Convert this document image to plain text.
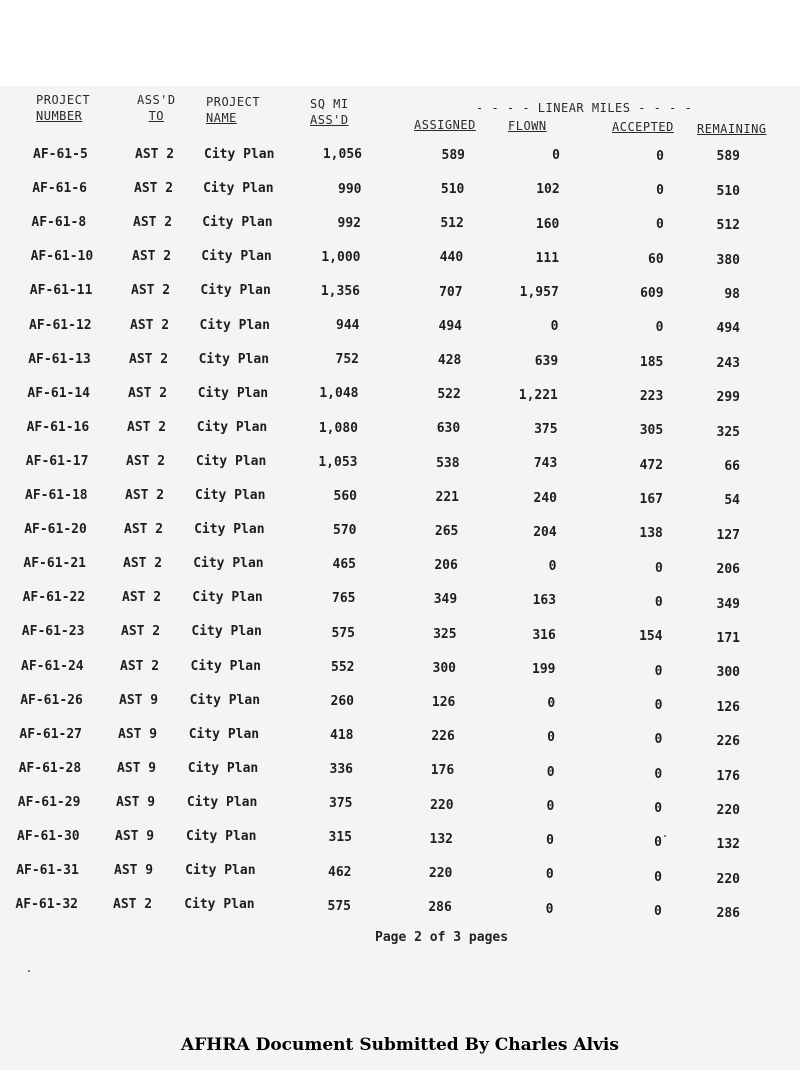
PROJECT
NUMBER
ASS'D
TO
PROJECT
NAME
SQ MI
ASS'D
- - - - LINEAR MILES - - - -
ASSIGNED	FLOWN	ACCEPTED REMAINING
AF-61-5	AST 2	City Plan	1,056	589	0	0	589
AF-61-6	AST 2	City Plan	990	510	102	0	510
AF-61-8	AST 2	City Plan	992	512	160	0	512
AF-61-10	AST 2	City Plan	1,000	440	111	60	380
AF-61-11	AST 2	City Plan	1,356	707	1,957	609	98
AF-61-12	AST 2	City Plan	944	494	0	0	494
AF-61-13	AST 2	City Plan	752	428	639	185	243
AF-61-14	AST 2	City Plan	1,048	522	1,221	223	299
AF-61-16	AST 2	City Plan	1,080	630	375	305	325
AF-61-17	AST 2	City Plan	1,053	538	743	472	66
AF-61-18	AST 2	City Plan	560	221	240	167	54
AF-61-20	AST 2	City Plan	570	265	204	138	127
AF-61-21	AST 2	City Plan	465	206	0	0	206
AF-61-22	AST 2	City Plan	765	349	163	0	349
AF-61-23	AST 2	City Plan	575	325	316	154	171
AF-61-24	AST 2	City Plan	552	300	199	0	300
AF-61-26	AST 9	City Plan	260	126	0	0	126
AF-61-27	AST 9	City Plan	418	226	0	0	226
AF-61-28	AST 9	City Plan	336	176	0	0	176
AF-61-29	AST 9	City Plan	375	220	0	0	220
AF-61-30	AST 9	City Plan	315	132	0	0	132
AF-61-31	AST 9	City Plan	462	220	0	0	220
AF-61-32	AST 2	City Plan	575	286	0	0	286
Page 2 of 3 pages
AFHRA Document Submitted By Charles Alvis
